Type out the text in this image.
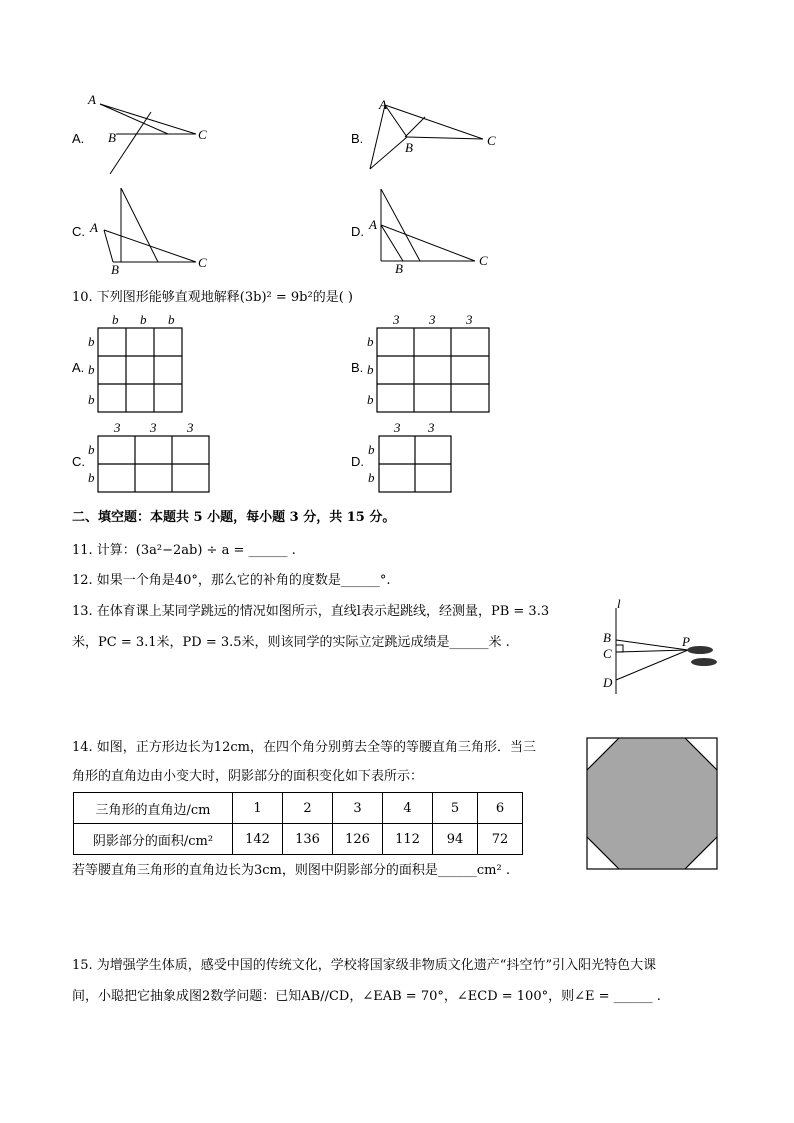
A.
A
B	C	B.
A
B	C
C. A
B	C
D. A
B
C
10. 下列图形能够直观地解释(3b)² = 9b²的是( )
A.
b b b
b
b
b
B.
3 3 3
b
b
b
C.
3 3 3
b
b
D.
3 3
b
b
二、填空题：本题共 5 小题，每小题 3 分，共 15 分。
11. 计算：(3a²−2ab) ÷ a = ______ .
12. 如果一个角是40°，那么它的补角的度数是______°.
13. 在体育课上某同学跳远的情况如图所示，直线l表示起跳线，经测量，PB = 3.3
米，PC = 3.1米，PD = 3.5米，则该同学的实际立定跳远成绩是______米 .
l
B
C
P
D
14. 如图，正方形边长为12cm，在四个角分别剪去全等的等腰直角三角形．当三
角形的直角边由小变大时，阴影部分的面积变化如下表所示：
三角形的直角边/cm	1	2	3	4	5	6
阴影部分的面积/cm²	142	136	126	112	94	72
若等腰直角三角形的直角边长为3cm，则图中阴影部分的面积是______cm² .
15. 为增强学生体质，感受中国的传统文化，学校将国家级非物质文化遗产“抖空竹”引入阳光特色大课
间，小聪把它抽象成图2数学问题：已知AB//CD，∠EAB = 70°，∠ECD = 100°，则∠E = ______ .
